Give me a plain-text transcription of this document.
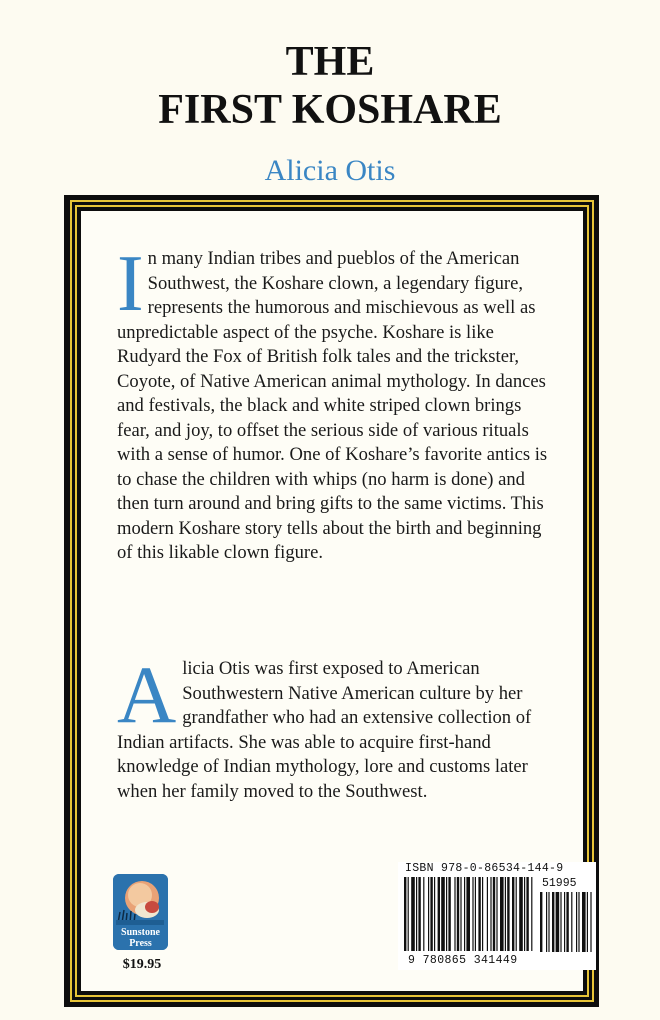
THE
FIRST KOSHARE
Alicia Otis

In many Indian tribes and pueblos of the American Southwest, the Koshare clown, a legendary figure, represents the humorous and mischievous as well as unpredictable aspect of the psyche. Koshare is like Rudyard the Fox of British folk tales and the trickster, Coyote, of Native American animal mythology. In dances and festivals, the black and white striped clown brings fear, and joy, to offset the serious side of various rituals with a sense of humor. One of Koshare’s favorite antics is to chase the children with whips (no harm is done) and then turn around and bring gifts to the same victims. This modern Koshare story tells about the birth and beginning of this likable clown figure.

Alicia Otis was first exposed to American Southwestern Native American culture by her grandfather who had an extensive collection of Indian artifacts. She was able to acquire first-hand knowledge of Indian mythology, lore and customs later when her family moved to the Southwest.

Sunstone
Press
$19.95
ISBN 978-0-86534-144-9
51995
9 780865 341449
